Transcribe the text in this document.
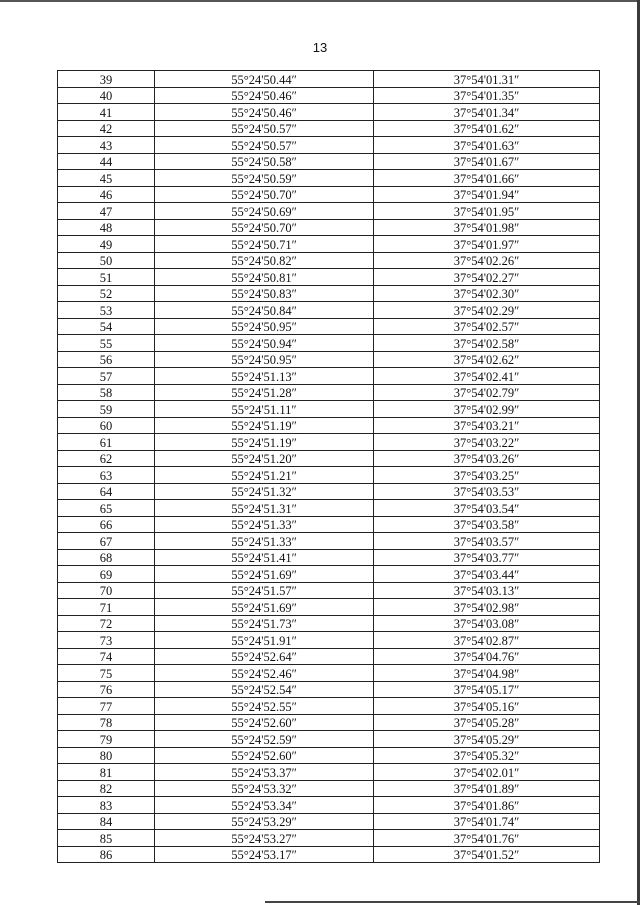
13
39	55°24'50.44″	37°54'01.31″
40	55°24'50.46″	37°54'01.35″
41	55°24'50.46″	37°54'01.34″
42	55°24'50.57″	37°54'01.62″
43	55°24'50.57″	37°54'01.63″
44	55°24'50.58″	37°54'01.67″
45	55°24'50.59″	37°54'01.66″
46	55°24'50.70″	37°54'01.94″
47	55°24'50.69″	37°54'01.95″
48	55°24'50.70″	37°54'01.98″
49	55°24'50.71″	37°54'01.97″
50	55°24'50.82″	37°54'02.26″
51	55°24'50.81″	37°54'02.27″
52	55°24'50.83″	37°54'02.30″
53	55°24'50.84″	37°54'02.29″
54	55°24'50.95″	37°54'02.57″
55	55°24'50.94″	37°54'02.58″
56	55°24'50.95″	37°54'02.62″
57	55°24'51.13″	37°54'02.41″
58	55°24'51.28″	37°54'02.79″
59	55°24'51.11″	37°54'02.99″
60	55°24'51.19″	37°54'03.21″
61	55°24'51.19″	37°54'03.22″
62	55°24'51.20″	37°54'03.26″
63	55°24'51.21″	37°54'03.25″
64	55°24'51.32″	37°54'03.53″
65	55°24'51.31″	37°54'03.54″
66	55°24'51.33″	37°54'03.58″
67	55°24'51.33″	37°54'03.57″
68	55°24'51.41″	37°54'03.77″
69	55°24'51.69″	37°54'03.44″
70	55°24'51.57″	37°54'03.13″
71	55°24'51.69″	37°54'02.98″
72	55°24'51.73″	37°54'03.08″
73	55°24'51.91″	37°54'02.87″
74	55°24'52.64″	37°54'04.76″
75	55°24'52.46″	37°54'04.98″
76	55°24'52.54″	37°54'05.17″
77	55°24'52.55″	37°54'05.16″
78	55°24'52.60″	37°54'05.28″
79	55°24'52.59″	37°54'05.29″
80	55°24'52.60″	37°54'05.32″
81	55°24'53.37″	37°54'02.01″
82	55°24'53.32″	37°54'01.89″
83	55°24'53.34″	37°54'01.86″
84	55°24'53.29″	37°54'01.74″
85	55°24'53.27″	37°54'01.76″
86	55°24'53.17″	37°54'01.52″
